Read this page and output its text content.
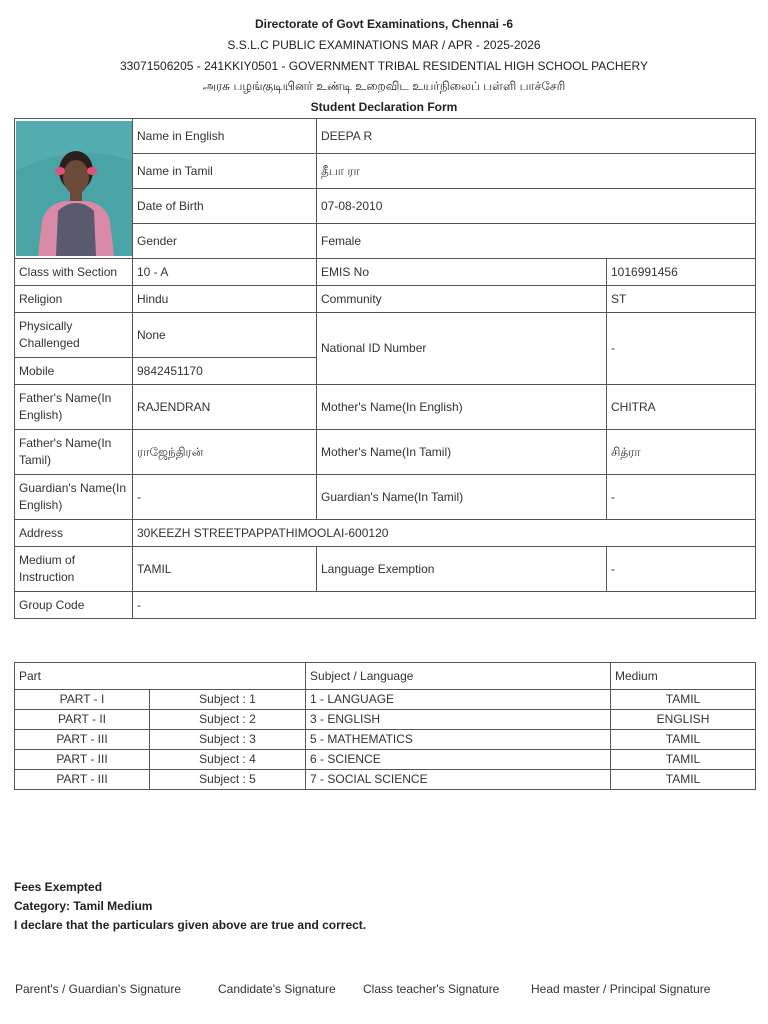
Directorate of Govt Examinations, Chennai -6
S.S.L.C PUBLIC EXAMINATIONS MAR / APR - 2025-2026
33071506205 - 241KKIY0501 - GOVERNMENT TRIBAL RESIDENTIAL HIGH SCHOOL PACHERY
அரசு பழங்குடியினர் உண்டி உறைவிட உயர்நிலைப் பள்ளி பாச்சேரி
Student Declaration Form
	Name in English	DEEPA R	
	Name in Tamil	தீபா ரா	
	Date of Birth	07-08-2010	
	Gender	Female	
Class with Section	10 - A	EMIS No	1016991456
Religion	Hindu	Community	ST
Physically Challenged	None	National ID Number	-
Mobile	9842451170		
Father's Name(In English)	RAJENDRAN	Mother's Name(In English)	CHITRA
Father's Name(In Tamil)	ராஜேந்திரன்	Mother's Name(In Tamil)	சித்ரா
Guardian's Name(In English)	-	Guardian's Name(In Tamil)	-
Address	30KEEZH STREETPAPPATHIMOOLAI-600120		
Medium of Instruction	TAMIL	Language Exemption	-
Group Code	-		
Part		Subject / Language	Medium
PART - I	Subject : 1	1 - LANGUAGE	TAMIL
PART - II	Subject : 2	3 - ENGLISH	ENGLISH
PART - III	Subject : 3	5 - MATHEMATICS	TAMIL
PART - III	Subject : 4	6 - SCIENCE	TAMIL
PART - III	Subject : 5	7 - SOCIAL SCIENCE	TAMIL
Fees Exempted
Category: Tamil Medium
I declare that the particulars given above are true and correct.
Parent's / Guardian's Signature	Candidate's Signature Class teacher's Signature	Head master / Principal Signature
